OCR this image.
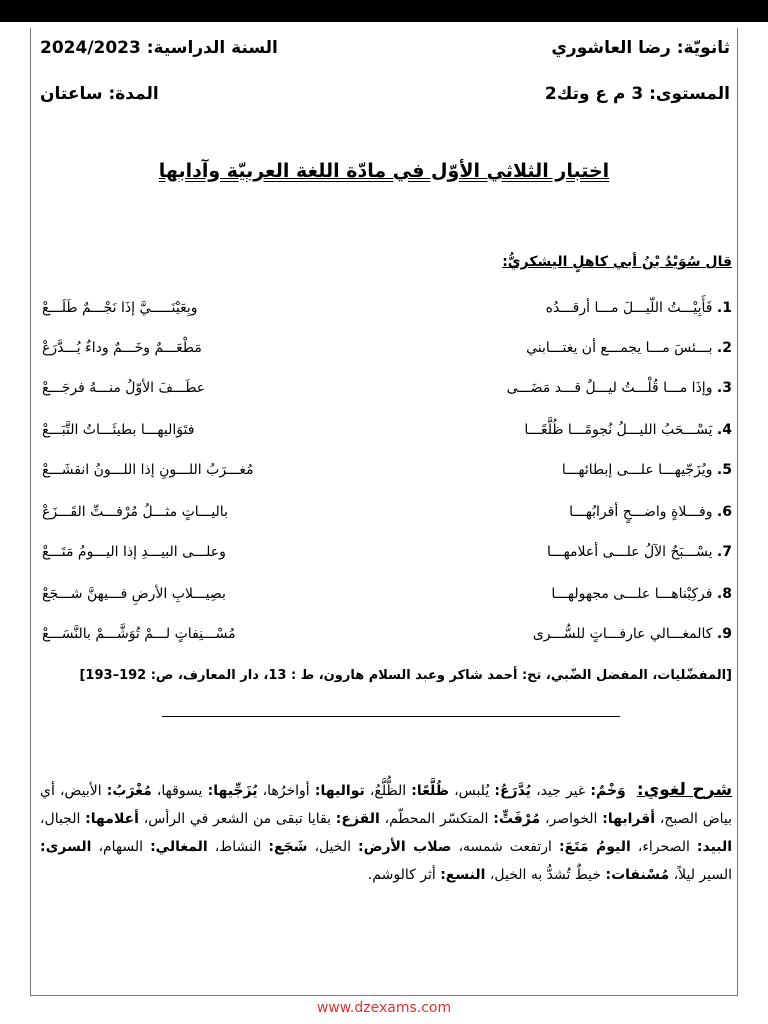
ثانويّة: رضا العاشوري
السنة الدراسية: 2024/2023
المستوى: 3 م ع وتك2
المدة: ساعتان
اختبار الثلاثي الأوّل في مادّة اللغة العربيّة وآدابها
قال سُوَيْدُ بْنُ أبي كاهلٍ اليشكريُّ:
1. فَأَبِيْـــتُ اللّيـــلَ مـــا أرقـــدُه
وبِعَيْنَـــــيَّ إذَا نَجْـــمٌ طَلَـــعْ
2. بـــئسَ مـــا يجمـــع أن يغتـــابني
مَطْعَـــمٌ وخَـــمٌ وداءٌ يُـــدَّرَعْ
3. وإذَا مـــا قُلْـــتُ ليـــلٌ قـــد مَضَـــى
عطَـــفَ الأوّلُ منـــهُ فرجَـــعْ
4. يَسْـــحَبُ الليـــلُ نُجومًـــا ظُلَّعًـــا
فتَوَاليهـــا بطيئَـــاتُ التَّبَـــعْ
5. ويُزَجّيهـــا علـــى إبطائهـــا
مُغـــرَبُ اللـــونِ إذا اللـــونُ انقشَـــعْ
6. وفـــلاةٍ واضـــحٍ أقرابُهـــا
باليـــاتٍ مثـــلُ مُرْفـــتِّ القَـــزَعْ
7. يسْـــبَحُ الآلُ علـــى أعلامهـــا
وعلـــى البيـــدِ إذا اليـــومُ مَتَـــعْ
8. فركِبْناهـــا علـــى مجهولهـــا
بصِيـــلابِ الأرضِ فـــيهنَّ شـــجَعْ
9. كالمغـــالي عارفـــاتٍ للسُّـــرى
مُسْـــنِفاتٍ لـــمْ تُوَشَّـــمْ بالنَّسَـــعْ
[المفضّليات، المفضل الضّبي، تح: أحمد شاكر وعبد السلام هارون، ط : 13، دار المعارف، ص: 192–193]
شرح لغوي: وَخْمٌ: غير جيد، يُدَّرَعُ: يُلبس، ظُلَّعًا: الظُّلَّعُ، تواليها: أواخرُها، يُزَجِّيها: يسوقها، مُغْرَبُ: الأبيض، أي بياض الصبح، أقرابها: الخواصر، مُرْفَتٍّ: المتكسّر المحطّم، القزع: بقايا تبقى من الشعر في الرأس، أعلامها: الجبال، البيد: الصحراء، اليومُ مَتَعَ: ارتفعت شمسه، صلاب الأرض: الخيل، شَجَع: النشاط، المغالي: السهام، السرى: السير ليلاً، مُسْنفات: خيطٌ تُشدُّ به الخيل، النسع: أثر كالوشم.
www.dzexams.com
